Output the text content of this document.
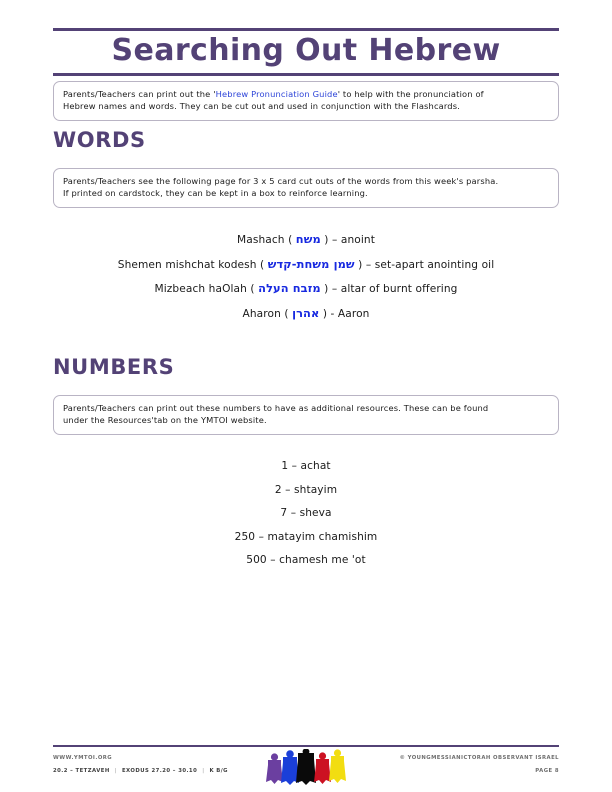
Searching Out Hebrew
Parents/Teachers can print out the 'Hebrew Pronunciation Guide' to help with the pronunciation of
Hebrew names and words. They can be cut out and used in conjunction with the Flashcards.
WORDS
Parents/Teachers see the following page for 3 x 5 card cut outs of the words from this week's parsha.
If printed on cardstock, they can be kept in a box to reinforce learning.
Mashach ( משח ) – anoint
Shemen mishchat kodesh ( שמן משחת-קדש ) – set-apart anointing oil
Mizbeach haOlah ( מזבח העלה ) – altar of burnt offering
Aharon ( אהרן ) - Aaron
NUMBERS
Parents/Teachers can print out these numbers to have as additional resources. These can be found
under the Resources'tab on the YMTOI website.
1 – achat
2 – shtayim
7 – sheva
250 – matayim chamishim
500 – chamesh me 'ot
WWW.YMTOI.ORG
20.2 – TETZAVEH | EXODUS 27.20 – 30.10 | K B/G
© YOUNGMESSIANICTORAH OBSERVANT ISRAEL
PAGE 8
